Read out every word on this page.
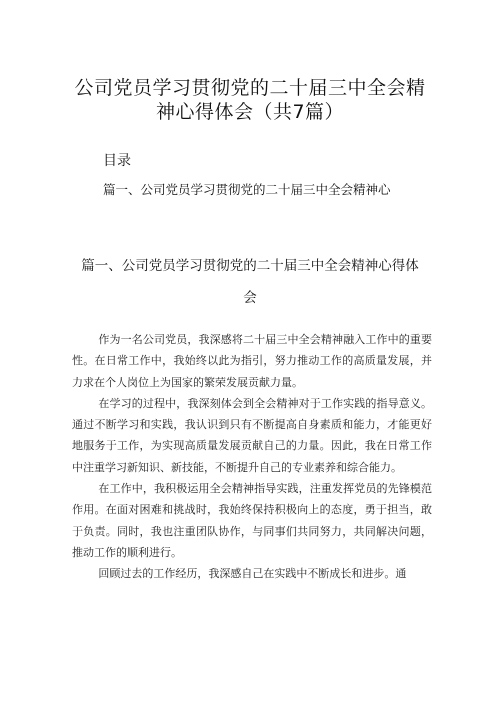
公司党员学习贯彻党的二十届三中全会精
神心得体会（共7篇）
目录
篇一、公司党员学习贯彻党的二十届三中全会精神心
篇一、公司党员学习贯彻党的二十届三中全会精神心得体
会

作为一名公司党员，我深感将二十届三中全会精神融入工作中的重要性。在日常工作中，我始终以此为指引，努力推动工作的高质量发展，并力求在个人岗位上为国家的繁荣发展贡献力量。

在学习的过程中，我深刻体会到全会精神对于工作实践的指导意义。通过不断学习和实践，我认识到只有不断提高自身素质和能力，才能更好地服务于工作，为实现高质量发展贡献自己的力量。因此，我在日常工作中注重学习新知识、新技能，不断提升自己的专业素养和综合能力。

在工作中，我积极运用全会精神指导实践，注重发挥党员的先锋模范作用。在面对困难和挑战时，我始终保持积极向上的态度，勇于担当，敢于负责。同时，我也注重团队协作，与同事们共同努力，共同解决问题，推动工作的顺利进行。

回顾过去的工作经历，我深感自己在实践中不断成长和进步。通
